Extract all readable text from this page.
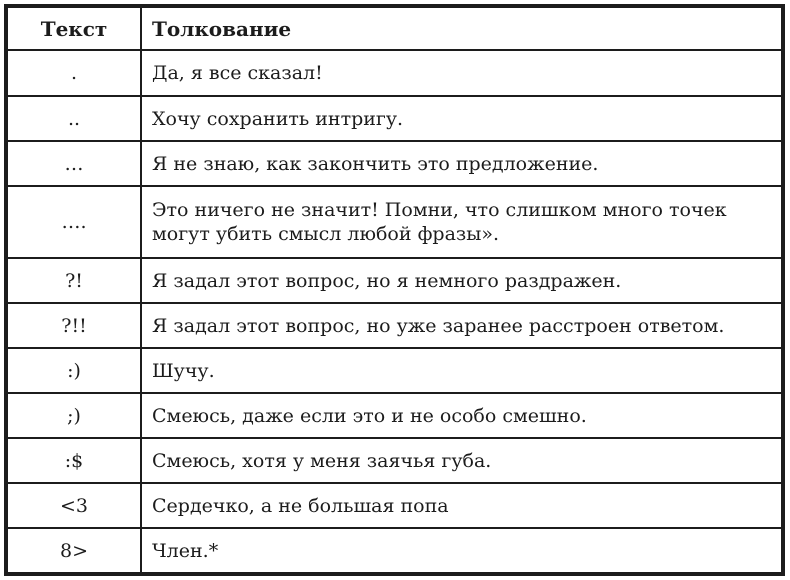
Текст	Толкование
.	Да, я все сказал!
..	Хочу сохранить интригу.
…	Я не знаю, как закончить это предложение.
….	Это ничего не значит! Помни, что слишком много точек могут убить смысл любой фразы».
?!	Я задал этот вопрос, но я немного раздражен.
?!!	Я задал этот вопрос, но уже заранее расстроен ответом.
:)	Шучу.
;)	Смеюсь, даже если это и не особо смешно.
:$	Смеюсь, хотя у меня заячья губа.
<3	Сердечко, а не большая попа
8>	Член.*
